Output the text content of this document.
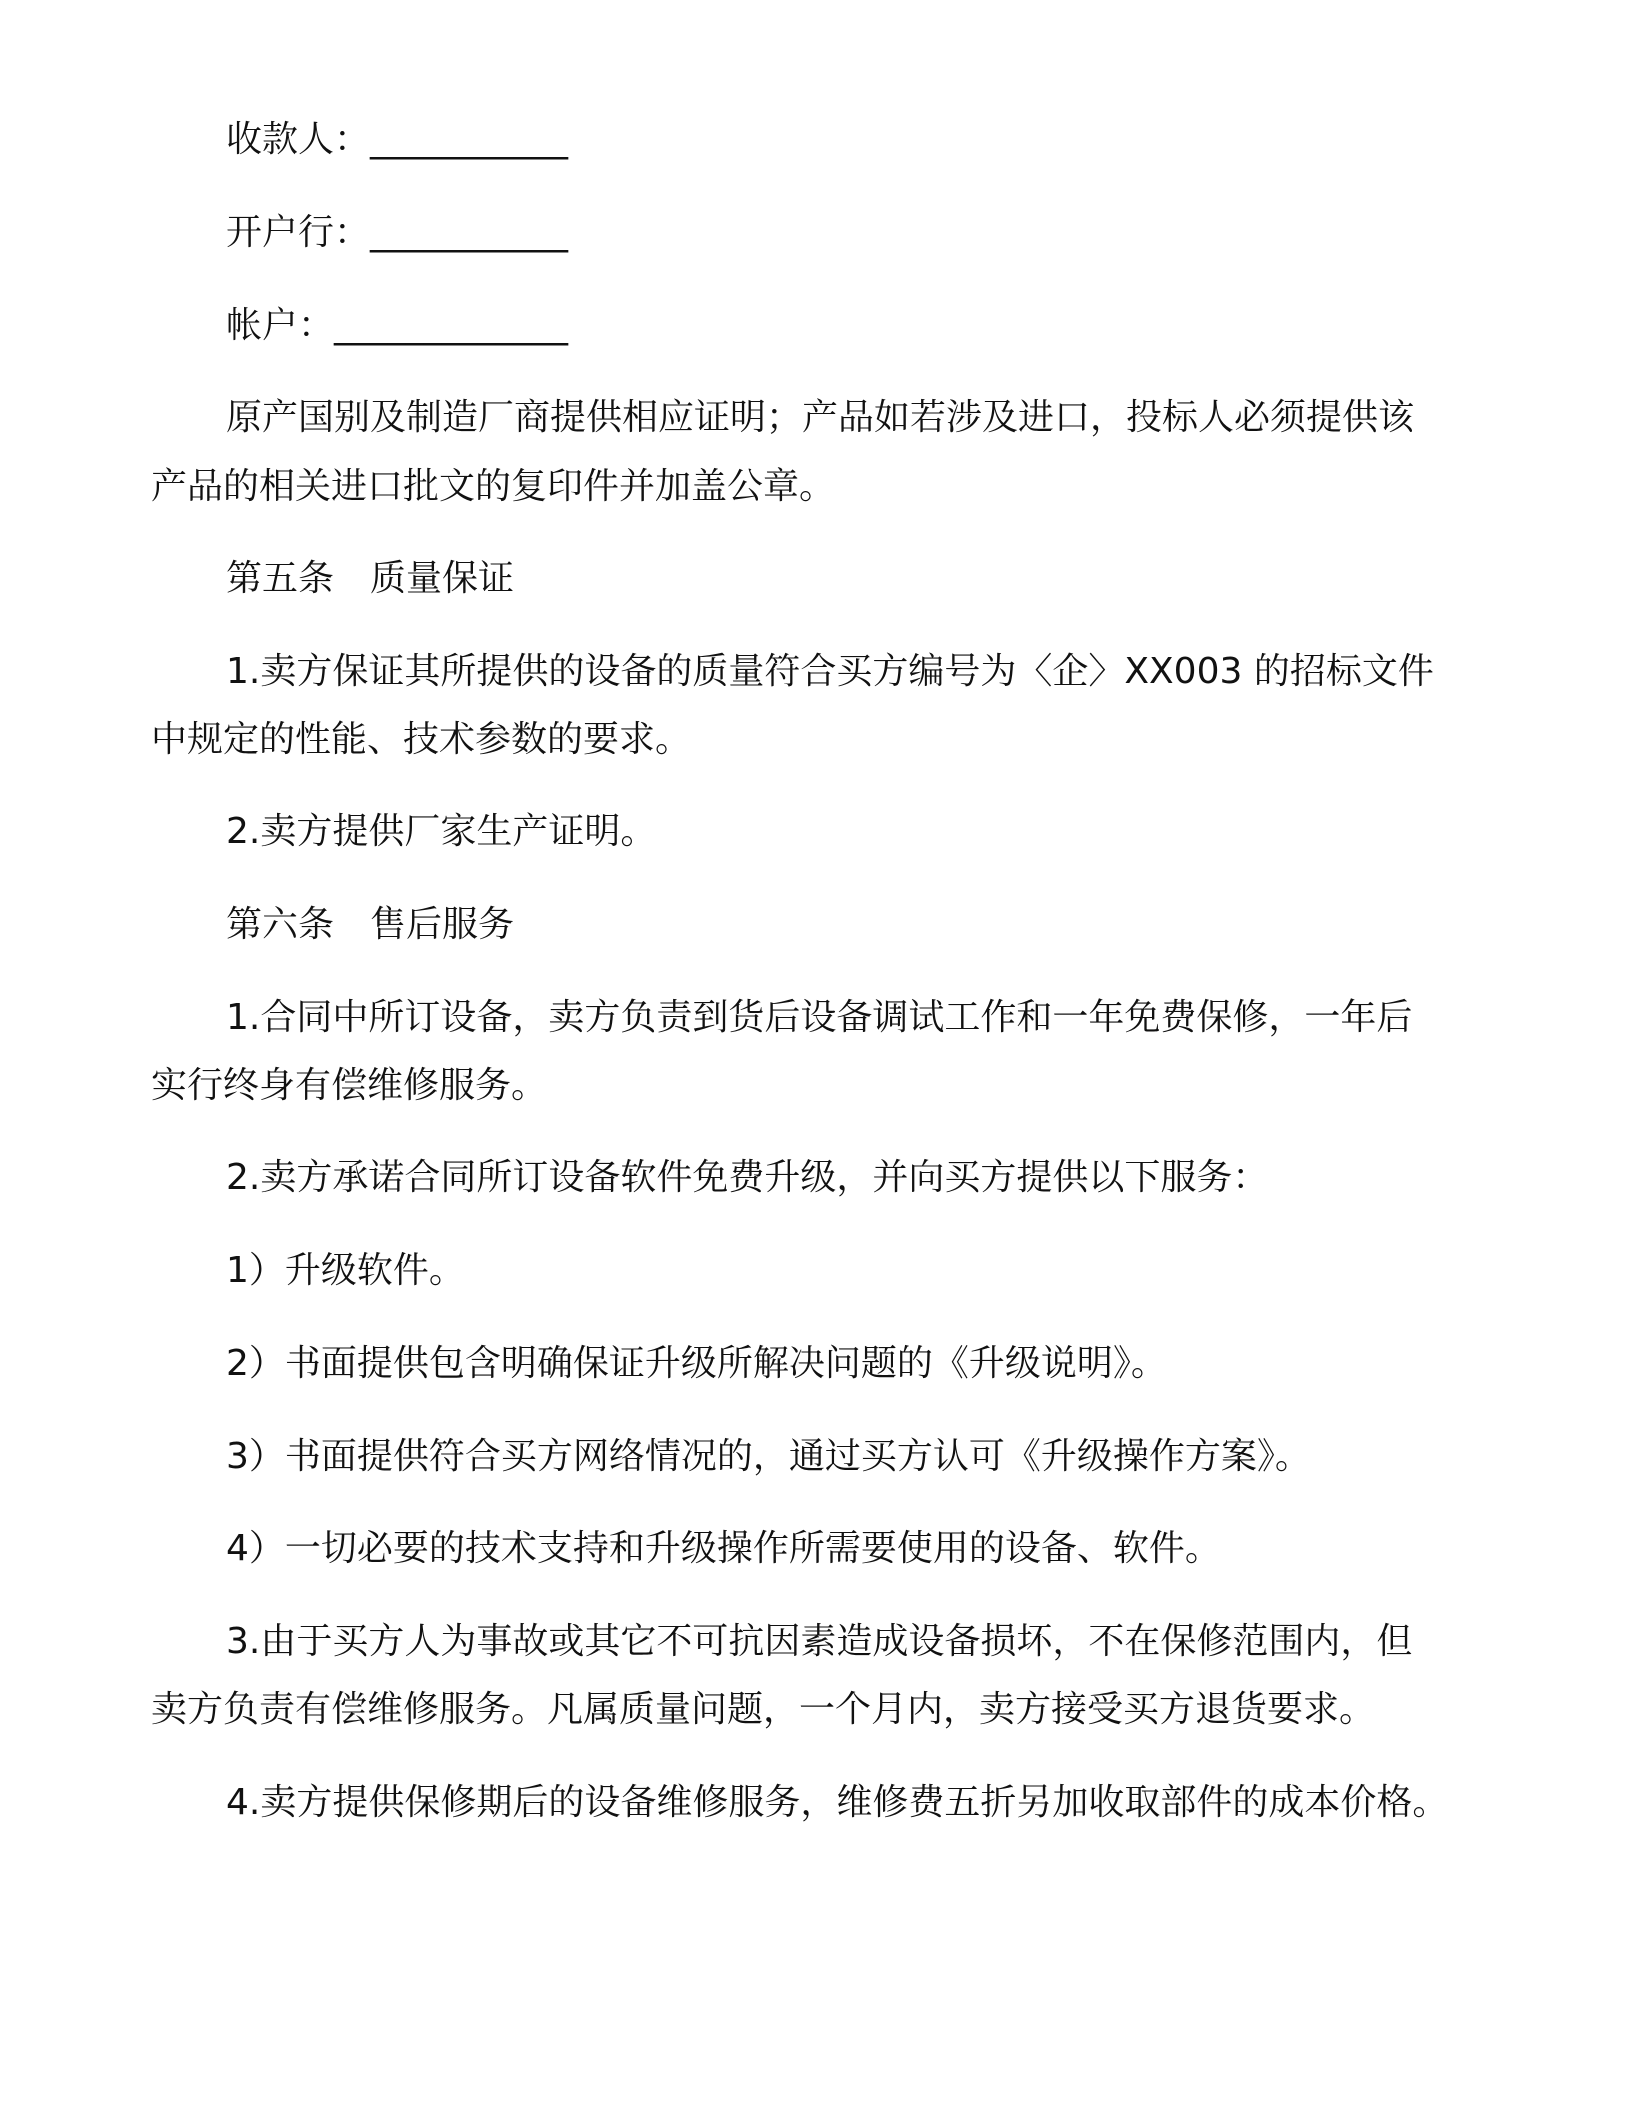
收款人：___________
开户行：___________
帐户：_____________
原产国别及制造厂商提供相应证明；产品如若涉及进口，投标人必须提供该
产品的相关进口批文的复印件并加盖公章。
第五条　质量保证
1.卖方保证其所提供的设备的质量符合买方编号为〈企〉XX003 的招标文件
中规定的性能、技术参数的要求。
2.卖方提供厂家生产证明。
第六条　售后服务
1.合同中所订设备，卖方负责到货后设备调试工作和一年免费保修，一年后
实行终身有偿维修服务。
2.卖方承诺合同所订设备软件免费升级，并向买方提供以下服务：
1）升级软件。
2）书面提供包含明确保证升级所解决问题的《升级说明》。
3）书面提供符合买方网络情况的，通过买方认可《升级操作方案》。
4）一切必要的技术支持和升级操作所需要使用的设备、软件。
3.由于买方人为事故或其它不可抗因素造成设备损坏，不在保修范围内，但
卖方负责有偿维修服务。凡属质量问题，一个月内，卖方接受买方退货要求。
4.卖方提供保修期后的设备维修服务，维修费五折另加收取部件的成本价格。
